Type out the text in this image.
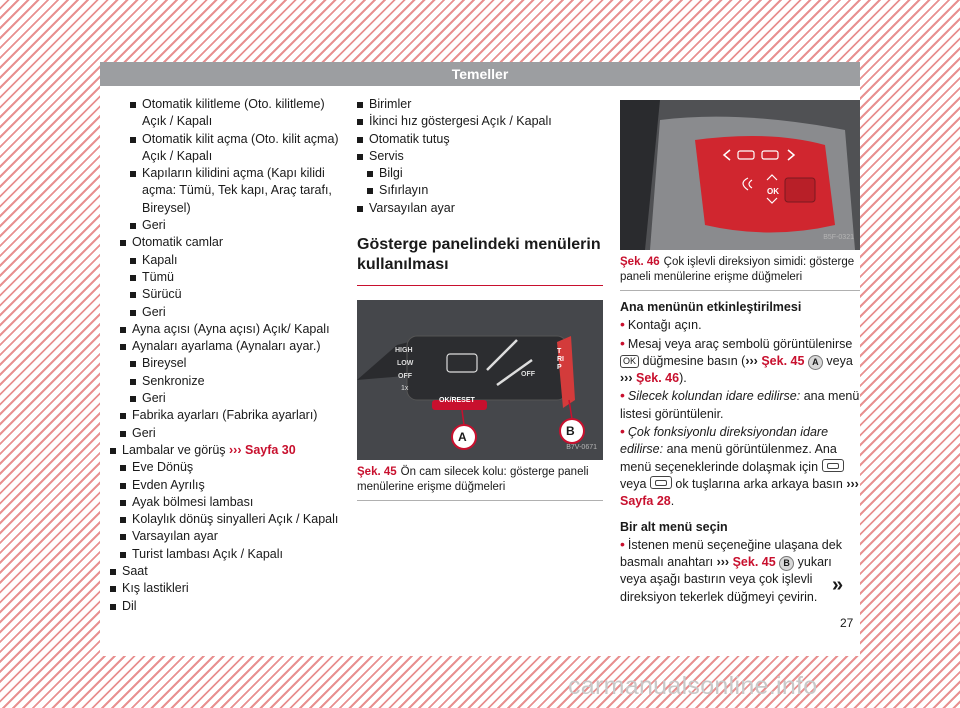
Temeller
Otomatik kilitleme (Oto. kilitleme) Açık / Kapalı
Otomatik kilit açma (Oto. kilit açma) Açık / Kapalı
Kapıların kilidini açma (Kapı kilidi açma: Tümü, Tek kapı, Araç tarafı, Bireysel)
Geri
Otomatik camlar
Kapalı
Tümü
Sürücü
Geri
Ayna açısı (Ayna açısı) Açık/ Kapalı
Aynaları ayarlama (Aynaları ayar.)
Bireysel
Senkronize
Geri
Fabrika ayarları (Fabrika ayarları)
Geri
Lambalar ve görüş ››› Sayfa 30
Eve Dönüş
Evden Ayrılış
Ayak bölmesi lambası
Kolaylık dönüş sinyalleri Açık / Kapalı
Varsayılan ayar
Turist lambası Açık / Kapalı
Saat
Kış lastikleri
Dil
Birimler
İkinci hız göstergesi Açık / Kapalı
Otomatik tutuş
Servis
Bilgi
Sıfırlayın
Varsayılan ayar
Gösterge panelindeki menülerin kullanılması
HIGH
LOW
OFF
1x
OFF
TRIP
OK/RESET
A	B
B7V-0671
Şek. 45 Ön cam silecek kolu: gösterge paneli menülerine erişme düğmeleri
OK
B5F-0321
Şek. 46 Çok işlevli direksiyon simidi: gösterge paneli menülerine erişme düğmeleri
Ana menünün etkinleştirilmesi
• Kontağı açın.
• Mesaj veya araç sembolü görüntülenirse OK düğmesine basın (››› Şek. 45 A veya ››› Şek. 46).
• Silecek kolundan idare edilirse: ana menü listesi görüntülenir.
• Çok fonksiyonlu direksiyondan idare edilirse: ana menü görüntülenmez. Ana menü seçeneklerinde dolaşmak için  veya ok tuşlarına arka arkaya basın ››› Sayfa 28.
Bir alt menü seçin
• İstenen menü seçeneğine ulaşana dek basmalı anahtarı ››› Şek. 45 B yukarı veya aşağı bastırın veya çok işlevli direksiyon tekerlek düğmeyi çevirin.
»
27
carmanualsonline.info
